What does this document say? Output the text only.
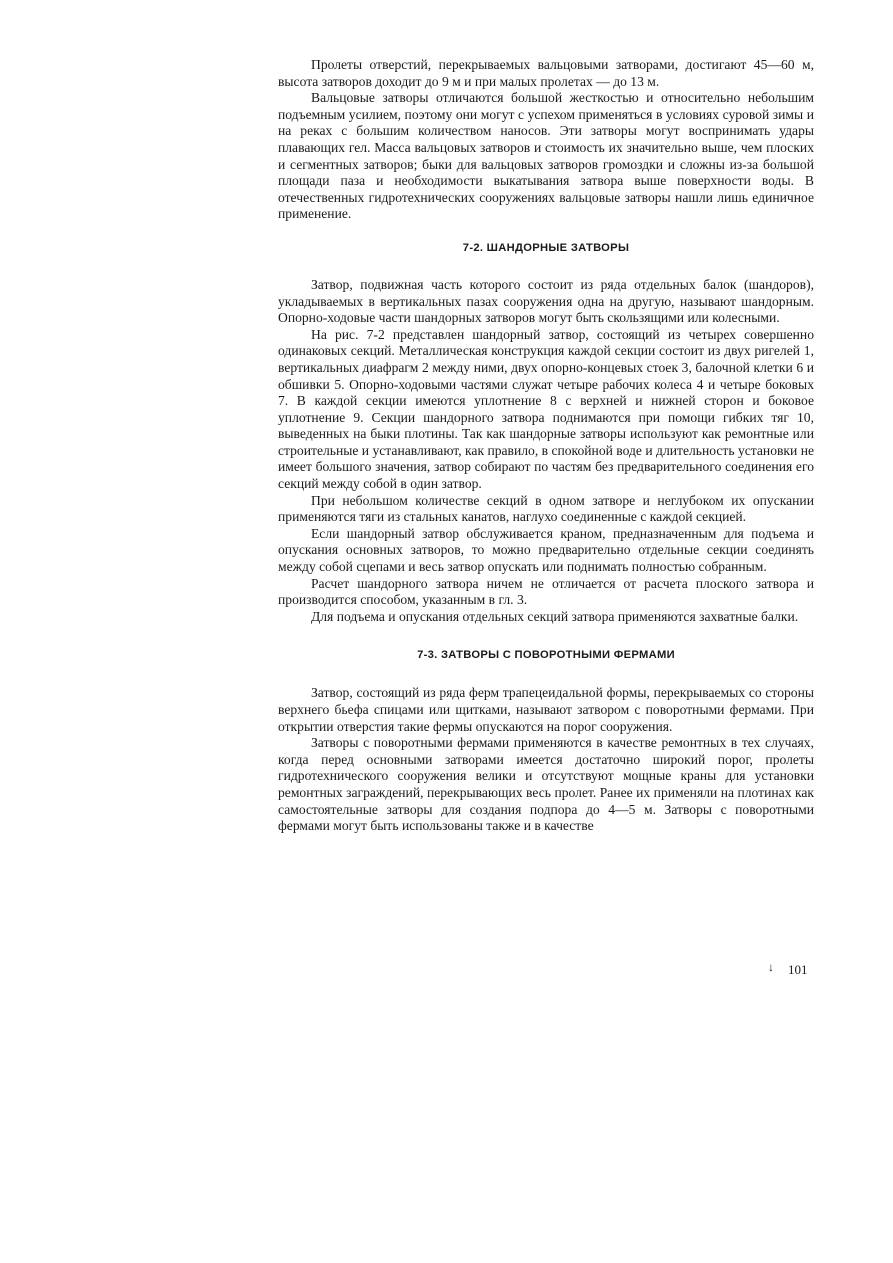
Пролеты отверстий, перекрываемых вальцовыми затворами, достигают 45—60 м, высота затворов доходит до 9 м и при малых пролетах — до 13 м.

Вальцовые затворы отличаются большой жесткостью и относительно небольшим подъемным усилием, поэтому они могут с успехом применяться в условиях суровой зимы и на реках с большим количеством наносов. Эти затворы могут воспринимать удары плавающих гел. Масса вальцовых затворов и стоимость их значительно выше, чем плоских и сегментных затворов; быки для вальцовых затворов громоздки и сложны из-за большой площади паза и необходимости выкатывания затвора выше поверхности воды. В отечественных гидротехнических сооружениях вальцовые затворы нашли лишь единичное применение.

7-2. ШАНДОРНЫЕ ЗАТВОРЫ

Затвор, подвижная часть которого состоит из ряда отдельных балок (шандоров), укладываемых в вертикальных пазах сооружения одна на другую, называют шандорным. Опорно-ходовые части шандорных затворов могут быть скользящими или колесными.

На рис. 7-2 представлен шандорный затвор, состоящий из четырех совершенно одинаковых секций. Металлическая конструкция каждой секции состоит из двух ригелей 1, вертикальных диафрагм 2 между ними, двух опорно-концевых стоек 3, балочной клетки 6 и обшивки 5. Опорно-ходовыми частями служат четыре рабочих колеса 4 и четыре боковых 7. В каждой секции имеются уплотнение 8 с верхней и нижней сторон и боковое уплотнение 9. Секции шандорного затвора поднимаются при помощи гибких тяг 10, выведенных на быки плотины. Так как шандорные затворы используют как ремонтные или строительные и устанавливают, как правило, в спокойной воде и длительность установки не имеет большого значения, затвор собирают по частям без предварительного соединения его секций между собой в один затвор.

При небольшом количестве секций в одном затворе и неглубоком их опускании применяются тяги из стальных канатов, наглухо соединенные с каждой секцией.

Если шандорный затвор обслуживается краном, предназначенным для подъема и опускания основных затворов, то можно предварительно отдельные секции соединять между собой сцепами и весь затвор опускать или поднимать полностью собранным.

Расчет шандорного затвора ничем не отличается от расчета плоского затвора и производится способом, указанным в гл. 3.

Для подъема и опускания отдельных секций затвора применяются захватные балки.

7-3. ЗАТВОРЫ С ПОВОРОТНЫМИ ФЕРМАМИ

Затвор, состоящий из ряда ферм трапецеидальной формы, перекрываемых со стороны верхнего бьефа спицами или щитками, называют затвором с поворотными фермами. При открытии отверстия такие фермы опускаются на порог сооружения.

Затворы с поворотными фермами применяются в качестве ремонтных в тех случаях, когда перед основными затворами имеется достаточно широкий порог, пролеты гидротехнического сооружения велики и отсутствуют мощные краны для установки ремонтных заграждений, перекрывающих весь пролет. Ранее их применяли на плотинах как самостоятельные затворы для создания подпора до 4—5 м. Затворы с поворотными фермами могут быть использованы также и в качестве

↓ 101
